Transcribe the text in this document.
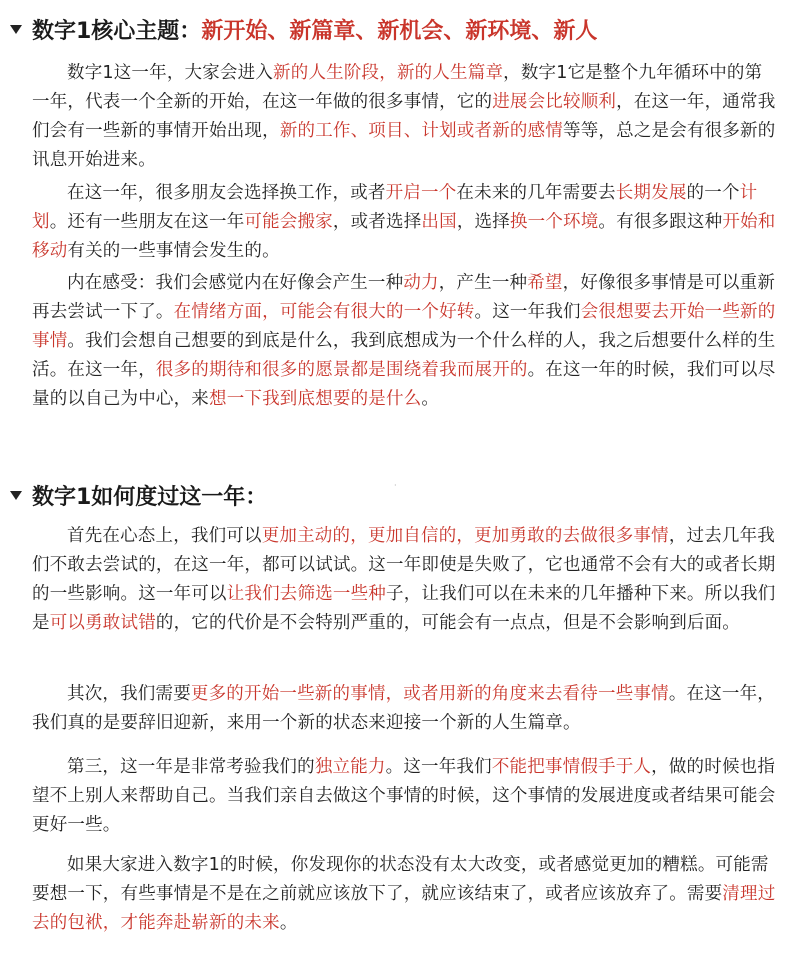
数字1核心主题： 新开始、新篇章、新机会、新环境、新人
数字1这一年，大家会进入新的人生阶段，新的人生篇章，数字1它是整个九年循环中的第一年，代表一个全新的开始，在这一年做的很多事情，它的进展会比较顺利，在这一年，通常我们会有一些新的事情开始出现，新的工作、项目、计划或者新的感情等等，总之是会有很多新的讯息开始进来。
在这一年，很多朋友会选择换工作，或者开启一个在未来的几年需要去长期发展的一个计划。还有一些朋友在这一年可能会搬家，或者选择出国，选择换一个环境。有很多跟这种开始和移动有关的一些事情会发生的。
内在感受：我们会感觉内在好像会产生一种动力，产生一种希望，好像很多事情是可以重新再去尝试一下了。在情绪方面，可能会有很大的一个好转。这一年我们会很想要去开始一些新的事情。我们会想自己想要的到底是什么，我到底想成为一个什么样的人，我之后想要什么样的生活。在这一年，很多的期待和很多的愿景都是围绕着我而展开的。在这一年的时候，我们可以尽量的以自己为中心，来想一下我到底想要的是什么。
数字1如何度过这一年：	·
首先在心态上，我们可以更加主动的，更加自信的，更加勇敢的去做很多事情，过去几年我们不敢去尝试的，在这一年，都可以试试。这一年即使是失败了，它也通常不会有大的或者长期的一些影响。这一年可以让我们去筛选一些种子，让我们可以在未来的几年播种下来。所以我们是可以勇敢试错的，它的代价是不会特别严重的，可能会有一点点，但是不会影响到后面。
其次，我们需要更多的开始一些新的事情，或者用新的角度来去看待一些事情。在这一年，我们真的是要辞旧迎新，来用一个新的状态来迎接一个新的人生篇章。
第三，这一年是非常考验我们的独立能力。这一年我们不能把事情假手于人，做的时候也指望不上别人来帮助自己。当我们亲自去做这个事情的时候，这个事情的发展进度或者结果可能会更好一些。
如果大家进入数字1的时候，你发现你的状态没有太大改变，或者感觉更加的糟糕。可能需要想一下，有些事情是不是在之前就应该放下了，就应该结束了，或者应该放弃了。需要清理过去的包袱，才能奔赴崭新的未来。
